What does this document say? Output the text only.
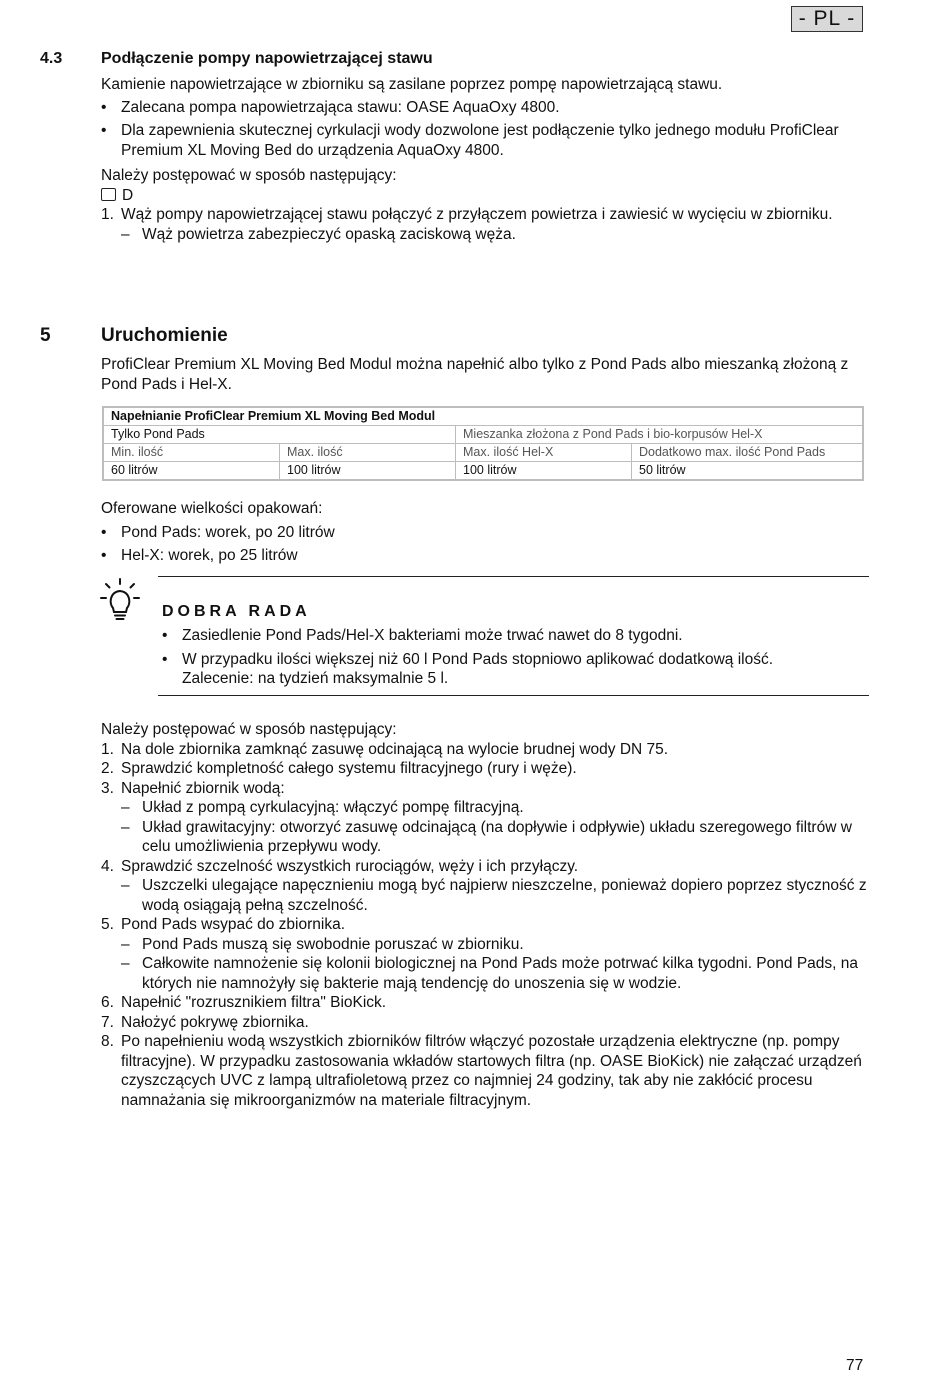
- PL -
4.3 Podłączenie pompy napowietrzającej stawu

Kamienie napowietrzające w zbiorniku są zasilane poprzez pompę napowietrzającą stawu.

• Zalecana pompa napowietrzająca stawu: OASE AquaOxy 4800.
• Dla zapewnienia skutecznej cyrkulacji wody dozwolone jest podłączenie tylko jednego modułu ProfiClear Premium XL Moving Bed do urządzenia AquaOxy 4800.

Należy postępować w sposób następujący:

D

1. Wąż pompy napowietrzającej stawu połączyć z przyłączem powietrza i zawiesić w wycięciu w zbiorniku.
– Wąż powietrza zabezpieczyć opaską zaciskową węża.
5	Uruchomienie
ProfiClear Premium XL Moving Bed Modul można napełnić albo tylko z Pond Pads albo mieszanką złożoną z Pond Pads i Hel-X.
Napełnianie ProfiClear Premium XL Moving Bed Modul			
Tylko Pond Pads		Mieszanka złożona z Pond Pads i bio-korpusów Hel-X	
Min. ilość	Max. ilość	Max. ilość Hel-X	Dodatkowo max. ilość Pond Pads
60 litrów	100 litrów	100 litrów	50 litrów

Oferowane wielkości opakowań:

• Pond Pads: worek, po 20 litrów
• Hel-X: worek, po 25 litrów
DOBRA RADA
• Zasiedlenie Pond Pads/Hel-X bakteriami może trwać nawet do 8 tygodni.
• W przypadku ilości większej niż 60 l Pond Pads stopniowo aplikować dodatkową ilość.
Zalecenie: na tydzień maksymalnie 5 l.

Należy postępować w sposób następujący:

1. Na dole zbiornika zamknąć zasuwę odcinającą na wylocie brudnej wody DN 75.
2. Sprawdzić kompletność całego systemu filtracyjnego (rury i węże).
3. Napełnić zbiornik wodą:
– Układ z pompą cyrkulacyjną: włączyć pompę filtracyjną.
– Układ grawitacyjny: otworzyć zasuwę odcinającą (na dopływie i odpływie) układu szeregowego filtrów w celu umożliwienia przepływu wody.
4. Sprawdzić szczelność wszystkich rurociągów, węży i ich przyłączy.
– Uszczelki ulegające napęcznieniu mogą być najpierw nieszczelne, ponieważ dopiero poprzez styczność z wodą osiągają pełną szczelność.
5. Pond Pads wsypać do zbiornika.
– Pond Pads muszą się swobodnie poruszać w zbiorniku.
– Całkowite namnożenie się kolonii biologicznej na Pond Pads może potrwać kilka tygodni. Pond Pads, na których nie namnożyły się bakterie mają tendencję do unoszenia się w wodzie.
6. Napełnić "rozrusznikiem filtra" BioKick.
7. Nałożyć pokrywę zbiornika.
8. Po napełnieniu wodą wszystkich zbiorników filtrów włączyć pozostałe urządzenia elektryczne (np. pompy filtracyjne). W przypadku zastosowania wkładów startowych filtra (np. OASE BioKick) nie załączać urządzeń czyszczących UVC z lampą ultrafioletową przez co najmniej 24 godziny, tak aby nie zakłócić procesu namnażania się mikroorganizmów na materiale filtracyjnym.
77
